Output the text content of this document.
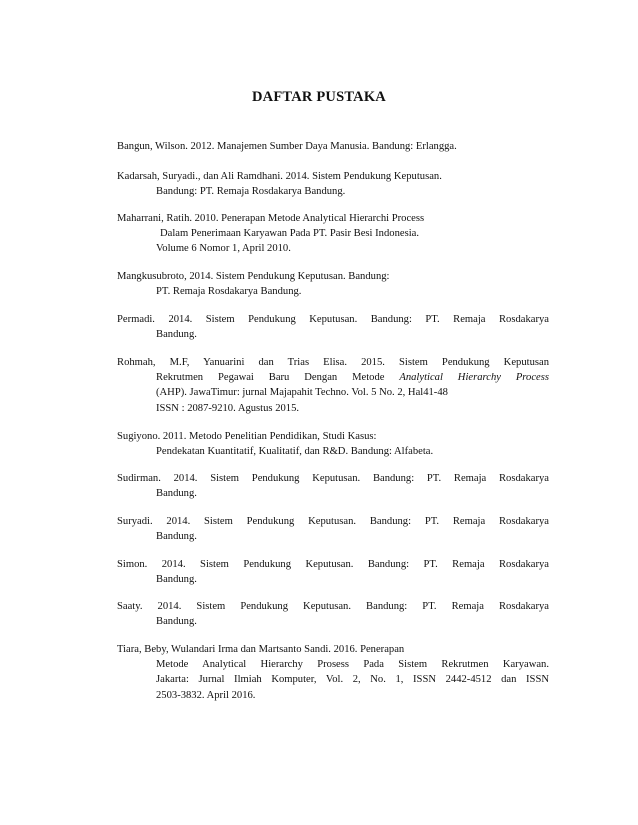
DAFTAR PUSTAKA
Bangun, Wilson. 2012. Manajemen Sumber Daya Manusia. Bandung: Erlangga.
Kadarsah, Suryadi., dan Ali Ramdhani. 2014. Sistem Pendukung Keputusan.
Bandung: PT. Remaja Rosdakarya Bandung.
Maharrani, Ratih. 2010. Penerapan Metode Analytical Hierarchi Process
Dalam Penerimaan Karyawan Pada PT. Pasir Besi Indonesia.
Volume 6 Nomor 1, April 2010.
Mangkusubroto, 2014. Sistem Pendukung Keputusan. Bandung:
PT. Remaja Rosdakarya Bandung.
Permadi. 2014. Sistem Pendukung Keputusan. Bandung: PT. Remaja Rosdakarya
Bandung.
Rohmah, M.F, Yanuarini dan Trias Elisa. 2015. Sistem Pendukung Keputusan
Rekrutmen Pegawai Baru Dengan Metode Analytical Hierarchy Process
(AHP). JawaTimur: jurnal Majapahit Techno. Vol. 5 No. 2, Hal41-48
ISSN : 2087-9210. Agustus 2015.
Sugiyono. 2011. Metodo Penelitian Pendidikan, Studi Kasus:
Pendekatan Kuantitatif, Kualitatif, dan R&D. Bandung: Alfabeta.
Sudirman. 2014. Sistem Pendukung Keputusan. Bandung: PT. Remaja Rosdakarya
Bandung.
Suryadi. 2014. Sistem Pendukung Keputusan. Bandung: PT. Remaja Rosdakarya
Bandung.
Simon. 2014. Sistem Pendukung Keputusan. Bandung: PT. Remaja Rosdakarya
Bandung.
Saaty. 2014. Sistem Pendukung Keputusan. Bandung: PT. Remaja Rosdakarya
Bandung.
Tiara, Beby, Wulandari Irma dan Martsanto Sandi. 2016. Penerapan
Metode Analytical Hierarchy Prosess Pada Sistem Rekrutmen Karyawan.
Jakarta: Jurnal Ilmiah Komputer, Vol. 2, No. 1, ISSN 2442-4512 dan ISSN
2503-3832. April 2016.
